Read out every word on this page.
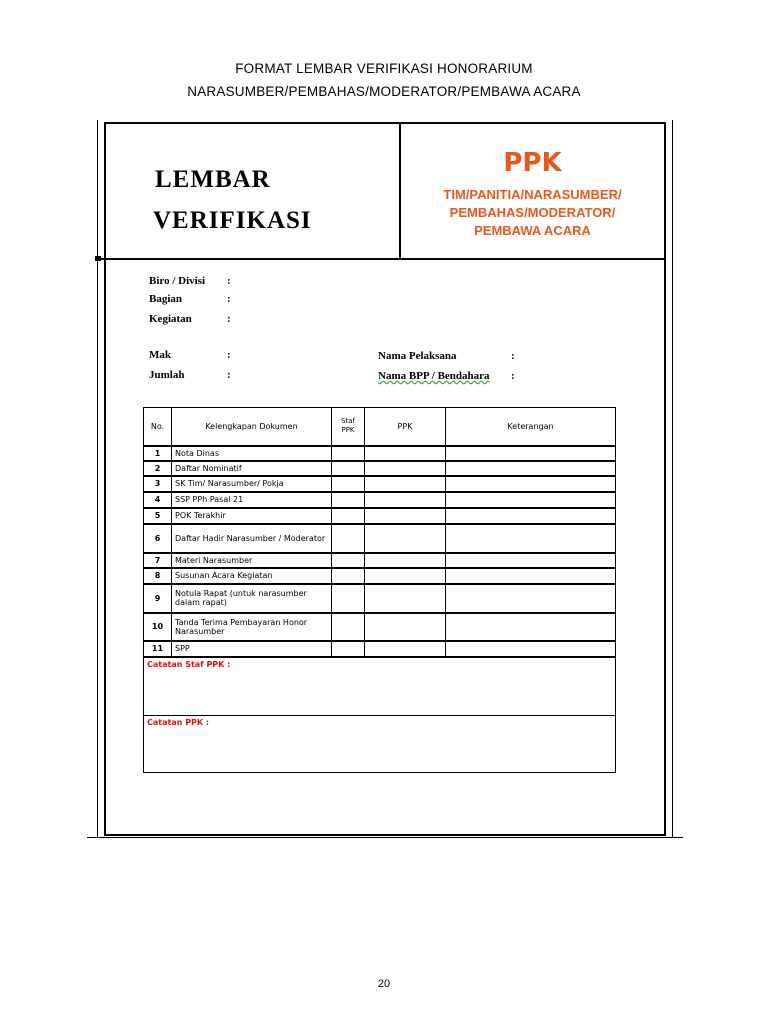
FORMAT LEMBAR VERIFIKASI HONORARIUM
NARASUMBER/PEMBAHAS/MODERATOR/PEMBAWA ACARA
LEMBAR
VERIFIKASI
PPK
TIM/PANITIA/NARASUMBER/
PEMBAHAS/MODERATOR/
PEMBAWA ACARA
Biro / Divisi :
Bagian	:
Kegiatan	:
Mak	:
Jumlah	:
Nama Pelaksana	:
Nama BPP / Bendahara :
No.	Kelengkapan Dokumen	Staf PPK	PPK	Keterangan
1	Nota Dinas			
2	Daftar Nominatif			
3	SK Tim/ Narasumber/ Pokja			
4	SSP PPh Pasal 21			
5	POK Terakhir			
6	Daftar Hadir Narasumber / Moderator			
7	Materi Narasumber			
8	Susunan Acara Kegiatan			
9	Notula Rapat (untuk narasumber dalam rapat)			
10	Tanda Terima Pembayaran Honor Narasumber			
11	SPP			
Catatan Staf PPK :				
Catatan PPK :				
20
